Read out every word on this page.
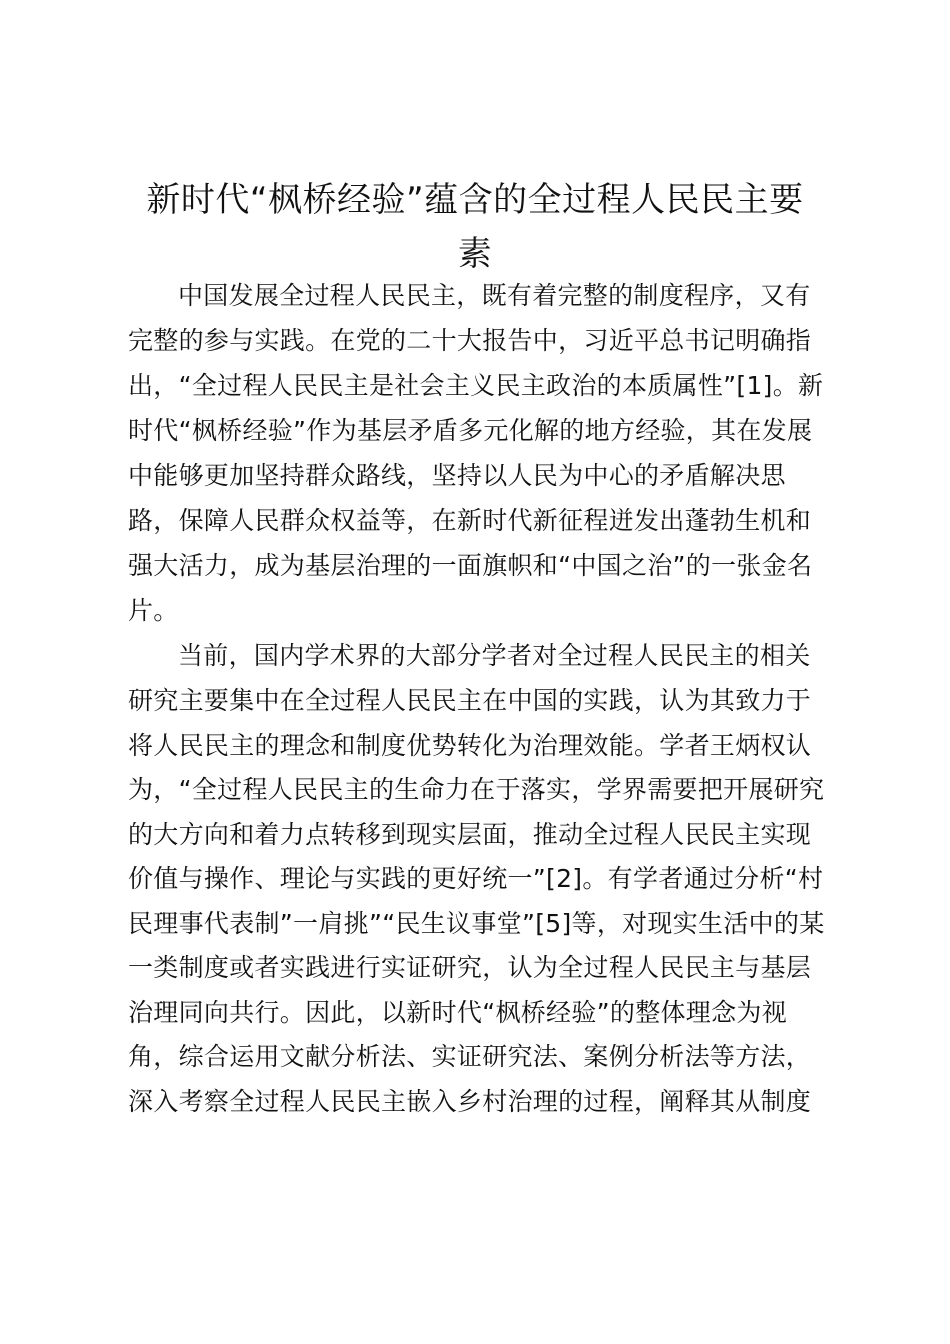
新时代“枫桥经验”蕴含的全过程人民民主要
素
中国发展全过程人民民主，既有着完整的制度程序，又有
完整的参与实践。在党的二十大报告中，习近平总书记明确指
出，“全过程人民民主是社会主义民主政治的本质属性”[1]。新
时代“枫桥经验”作为基层矛盾多元化解的地方经验，其在发展
中能够更加坚持群众路线，坚持以人民为中心的矛盾解决思
路，保障人民群众权益等，在新时代新征程迸发出蓬勃生机和
强大活力，成为基层治理的一面旗帜和“中国之治”的一张金名
片。
当前，国内学术界的大部分学者对全过程人民民主的相关
研究主要集中在全过程人民民主在中国的实践，认为其致力于
将人民民主的理念和制度优势转化为治理效能。学者王炳权认
为，“全过程人民民主的生命力在于落实，学界需要把开展研究
的大方向和着力点转移到现实层面，推动全过程人民民主实现
价值与操作、理论与实践的更好统一”[2]。有学者通过分析“村
民理事代表制”一肩挑”“民生议事堂”[5]等，对现实生活中的某
一类制度或者实践进行实证研究，认为全过程人民民主与基层
治理同向共行。因此，以新时代“枫桥经验”的整体理念为视
角，综合运用文献分析法、实证研究法、案例分析法等方法，
深入考察全过程人民民主嵌入乡村治理的过程，阐释其从制度
